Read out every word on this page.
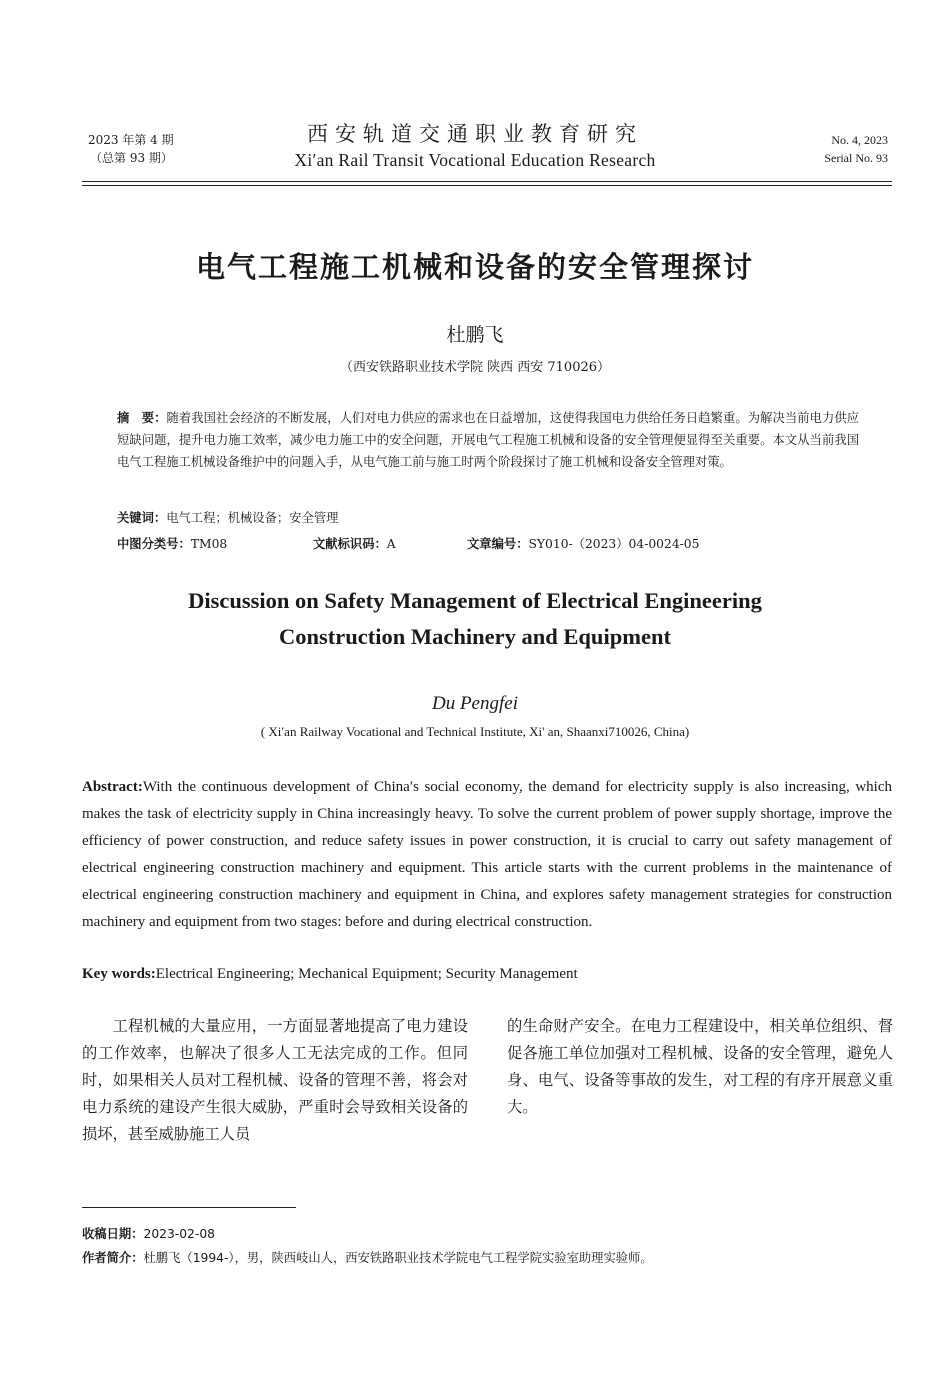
2023 年第 4 期
（总第 93 期）
西安轨道交通职业教育研究
Xi′an Rail Transit Vocational Education Research
No. 4, 2023
Serial No. 93
电气工程施工机械和设备的安全管理探讨
杜鹏飞
（西安铁路职业技术学院 陕西 西安 710026）
摘　要：随着我国社会经济的不断发展，人们对电力供应的需求也在日益增加，这使得我国电力供给任务日趋繁重。为解决当前电力供应短缺问题，提升电力施工效率，减少电力施工中的安全问题，开展电气工程施工机械和设备的安全管理便显得至关重要。本文从当前我国电气工程施工机械设备维护中的问题入手，从电气施工前与施工时两个阶段探讨了施工机械和设备安全管理对策。
关键词：电气工程；机械设备；安全管理
中图分类号：TM08	文献标识码：A	文章编号：SY010-（2023）04-0024-05
Discussion on Safety Management of Electrical Engineering
Construction Machinery and Equipment
Du Pengfei
( Xi′an Railway Vocational and Technical Institute, Xi' an, Shaanxi710026, China)
Abstract:With the continuous development of China′s social economy, the demand for electricity supply is also increasing, which makes the task of electricity supply in China increasingly heavy. To solve the current problem of power supply shortage, improve the efficiency of power construction, and reduce safety issues in power construction, it is crucial to carry out safety management of electrical engineering construction machinery and equipment. This article starts with the current problems in the maintenance of electrical engineering construction machinery and equipment in China, and explores safety management strategies for construction machinery and equipment from two stages: before and during electrical construction.
Key words:Electrical Engineering; Mechanical Equipment; Security Management

工程机械的大量应用，一方面显著地提高了电力建设的工作效率，也解决了很多人工无法完成的工作。但同时，如果相关人员对工程机械、设备的管理不善，将会对电力系统的建设产生很大威胁，严重时会导致相关设备的损坏，甚至威胁施工人员

的生命财产安全。在电力工程建设中，相关单位组织、督促各施工单位加强对工程机械、设备的安全管理，避免人身、电气、设备等事故的发生，对工程的有序开展意义重大。

收稿日期：2023-02-08
作者简介：杜鹏飞（1994-），男，陕西岐山人，西安铁路职业技术学院电气工程学院实验室助理实验师。
